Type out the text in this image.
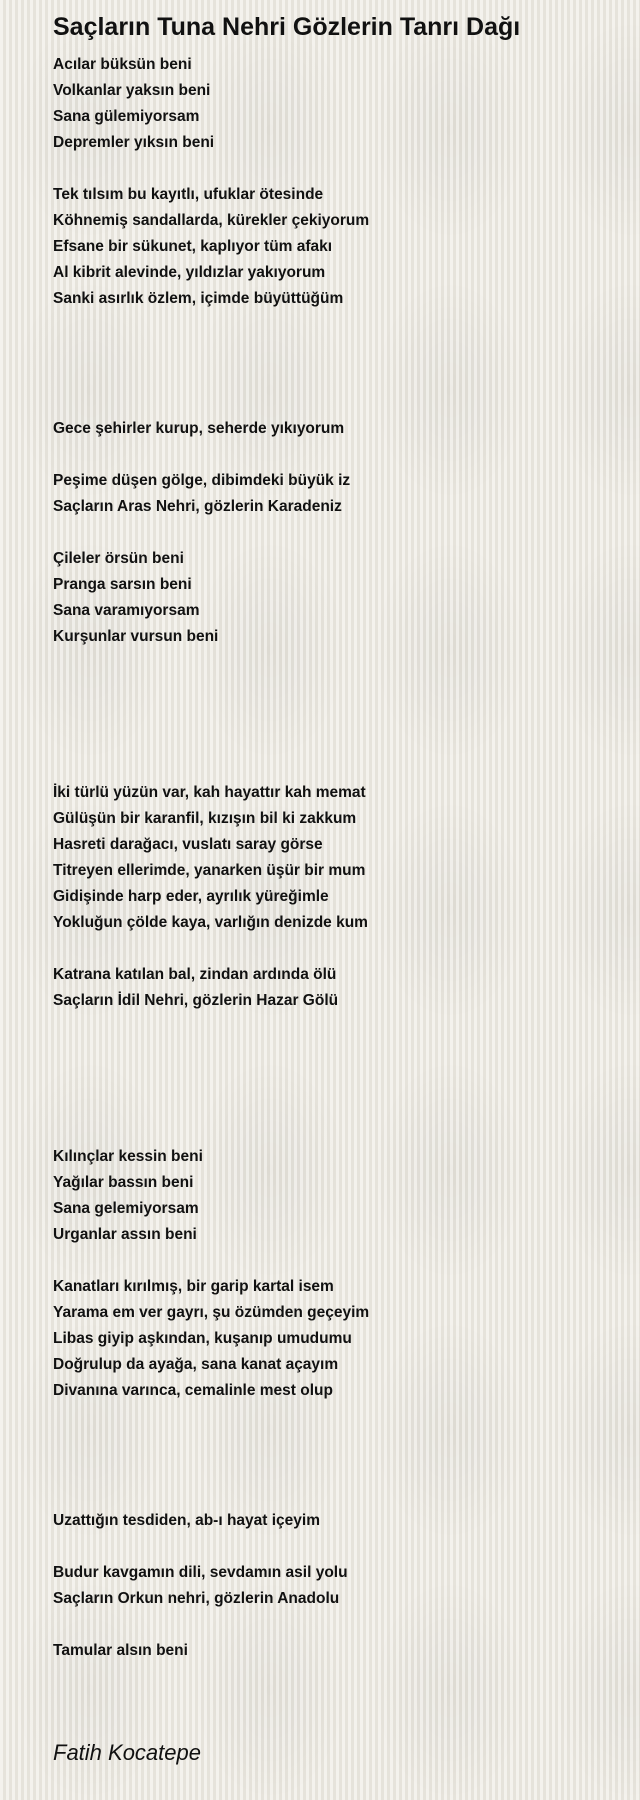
Saçların Tuna Nehri Gözlerin Tanrı Dağı
Acılar büksün beni
Volkanlar yaksın beni
Sana gülemiyorsam
Depremler yıksın beni
Tek tılsım bu kayıtlı, ufuklar ötesinde
Köhnemiş sandallarda, kürekler çekiyorum
Efsane bir sükunet, kaplıyor tüm afakı
Al kibrit alevinde, yıldızlar yakıyorum
Sanki asırlık özlem, içimde büyüttüğüm
Gece şehirler kurup, seherde yıkıyorum
Peşime düşen gölge, dibimdeki büyük iz
Saçların Aras Nehri, gözlerin Karadeniz
Çileler örsün beni
Pranga sarsın beni
Sana varamıyorsam
Kurşunlar vursun beni
İki türlü yüzün var, kah hayattır kah memat
Gülüşün bir karanfil, kızışın bil ki zakkum
Hasreti darağacı, vuslatı saray görse
Titreyen ellerimde, yanarken üşür bir mum
Gidişinde harp eder, ayrılık yüreğimle
Yokluğun çölde kaya, varlığın denizde kum
Katrana katılan bal, zindan ardında ölü
Saçların İdil Nehri, gözlerin Hazar Gölü
Kılınçlar kessin beni
Yağılar bassın beni
Sana gelemiyorsam
Urganlar assın beni
Kanatları kırılmış, bir garip kartal isem
Yarama em ver gayrı, şu özümden geçeyim
Libas giyip aşkından, kuşanıp umudumu
Doğrulup da ayağa, sana kanat açayım
Divanına varınca, cemalinle mest olup
Uzattığın tesdiden, ab-ı hayat içeyim
Budur kavgamın dili, sevdamın asil yolu
Saçların Orkun nehri, gözlerin Anadolu
Tamular alsın beni
Fatih Kocatepe
